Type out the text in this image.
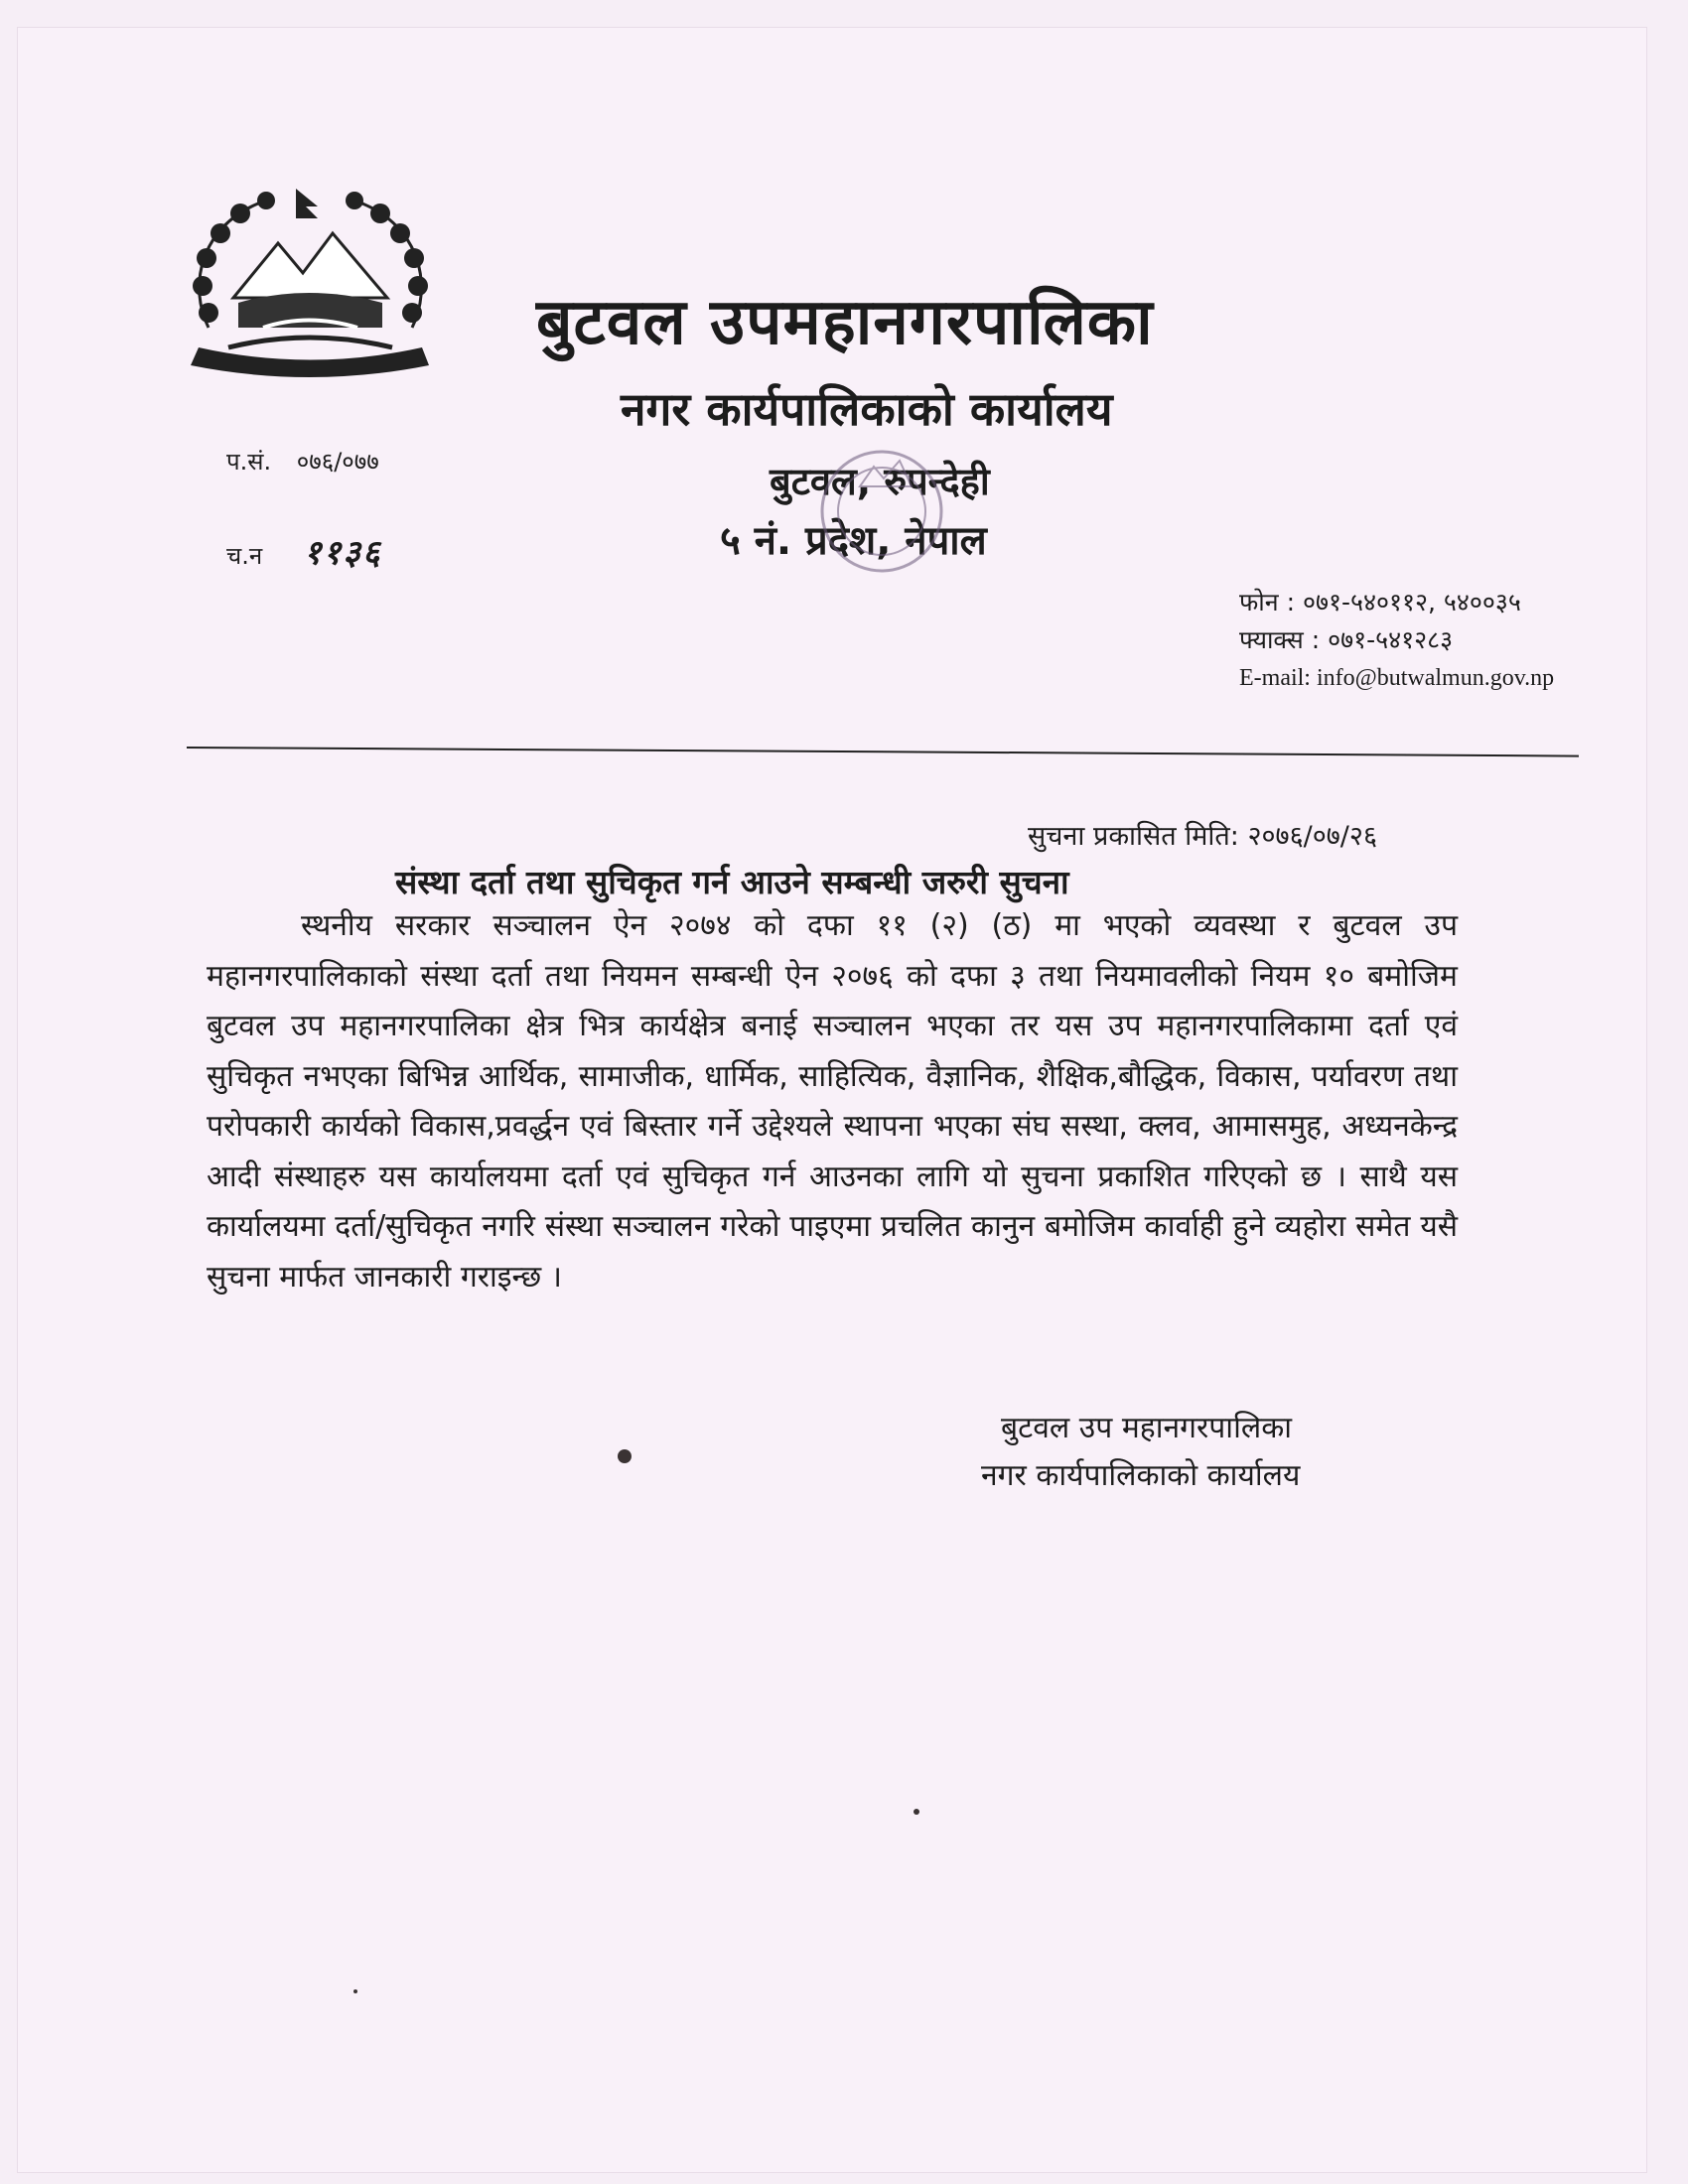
बुटवल उपमहानगरपालिका
नगर कार्यपालिकाको कार्यालय
बुटवल, रुपन्देही
५ नं. प्रदेश, नेपाल
प.सं. ०७६/०७७
च.न ११३६
फोन : ०७१-५४०११२, ५४००३५
फ्याक्स : ०७१-५४१२८३
E-mail: info@butwalmun.gov.np
सुचना प्रकासित मिति: २०७६/०७/२६
संस्था दर्ता तथा सुचिकृत गर्न आउने सम्बन्धी जरुरी सुचना
स्थनीय सरकार सञ्चालन ऐन २०७४ को दफा ११ (२) (ठ) मा भएको व्यवस्था र बुटवल उप महानगरपालिकाको संस्था दर्ता तथा नियमन सम्बन्धी ऐन २०७६ को दफा ३ तथा नियमावलीको नियम १० बमोजिम बुटवल उप महानगरपालिका क्षेत्र भित्र कार्यक्षेत्र बनाई सञ्चालन भएका तर यस उप महानगरपालिकामा दर्ता एवं सुचिकृत नभएका बिभिन्न आर्थिक, सामाजीक, धार्मिक, साहित्यिक, वैज्ञानिक, शैक्षिक,बौद्धिक, विकास, पर्यावरण तथा परोपकारी कार्यको विकास,प्रवर्द्धन एवं बिस्तार गर्ने उद्देश्यले स्थापना भएका संघ सस्था, क्लव, आमासमुह, अध्यनकेन्द्र आदी संस्थाहरु यस कार्यालयमा दर्ता एवं सुचिकृत गर्न आउनका लागि यो सुचना प्रकाशित गरिएको छ । साथै यस कार्यालयमा दर्ता/सुचिकृत नगरि संस्था सञ्चालन गरेको पाइएमा प्रचलित कानुन बमोजिम कार्वाही हुने व्यहोरा समेत यसै सुचना मार्फत जानकारी गराइन्छ ।
बुटवल उप महानगरपालिका
नगर कार्यपालिकाको कार्यालय
